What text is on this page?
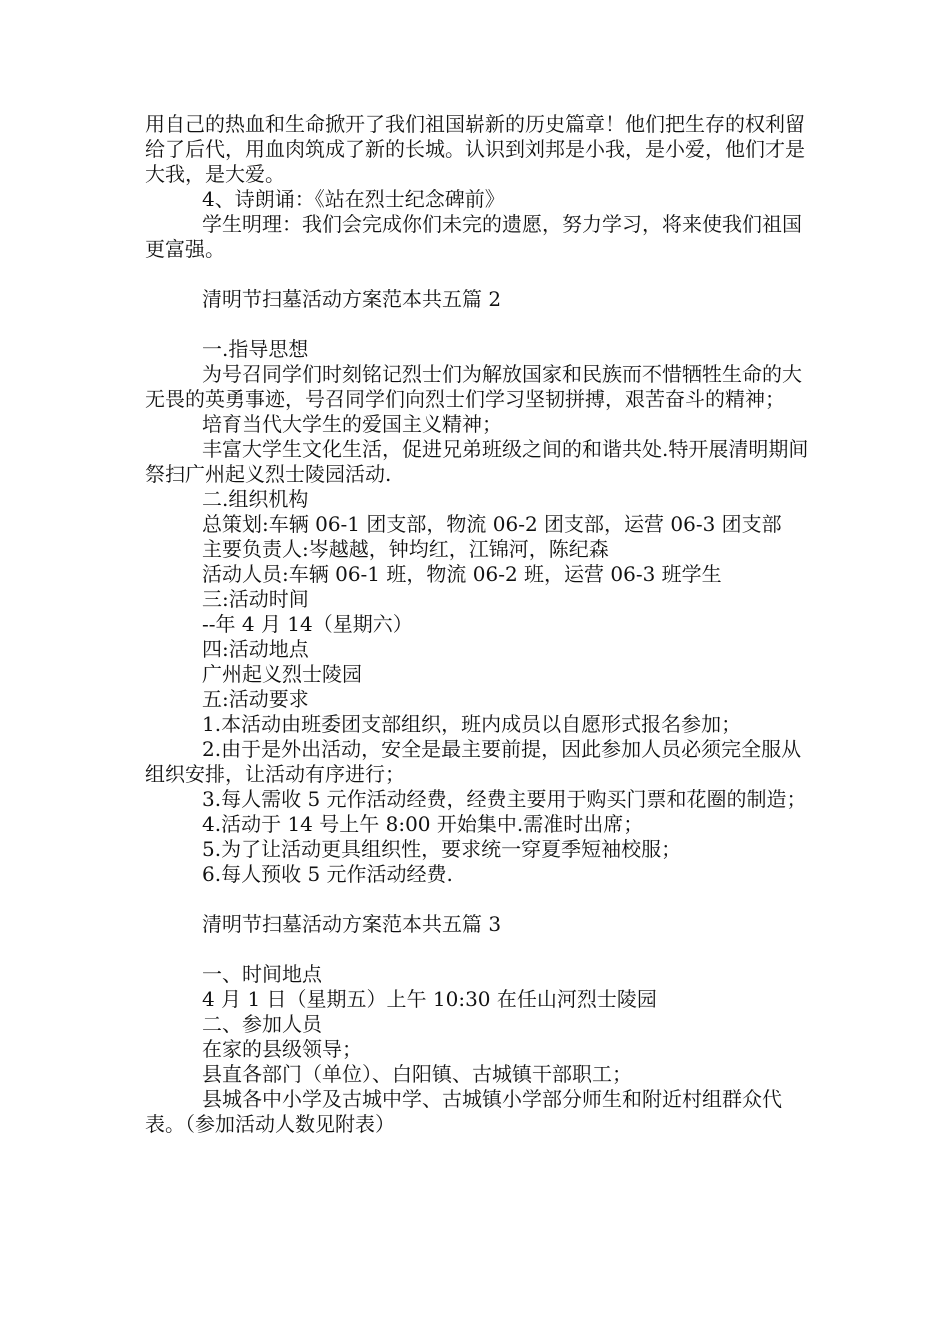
用自己的热血和生命掀开了我们祖国崭新的历史篇章！他们把生存的权利留给了后代，用血肉筑成了新的长城。认识到刘邦是小我，是小爱，他们才是大我，是大爱。

4、诗朗诵：《站在烈士纪念碑前》

学生明理：我们会完成你们未完的遗愿，努力学习，将来使我们祖国更富强。

清明节扫墓活动方案范本共五篇 2

一.指导思想

为号召同学们时刻铭记烈士们为解放国家和民族而不惜牺牲生命的大无畏的英勇事迹，号召同学们向烈士们学习坚韧拼搏，艰苦奋斗的精神；

培育当代大学生的爱国主义精神；

丰富大学生文化生活，促进兄弟班级之间的和谐共处.特开展清明期间祭扫广州起义烈士陵园活动.

二.组织机构

总策划:车辆 06-1 团支部，物流 06-2 团支部，运营 06-3 团支部

主要负责人:岑越越，钟均红，江锦河，陈纪森

活动人员:车辆 06-1 班，物流 06-2 班，运营 06-3 班学生

三:活动时间

--年 4 月 14（星期六）

四:活动地点

广州起义烈士陵园

五:活动要求

1.本活动由班委团支部组织，班内成员以自愿形式报名参加；

2.由于是外出活动，安全是最主要前提，因此参加人员必须完全服从组织安排，让活动有序进行；

3.每人需收 5 元作活动经费，经费主要用于购买门票和花圈的制造；

4.活动于 14 号上午 8:00 开始集中.需准时出席；

5.为了让活动更具组织性，要求统一穿夏季短袖校服；

6.每人预收 5 元作活动经费.

清明节扫墓活动方案范本共五篇 3

一、时间地点

4 月 1 日（星期五）上午 10:30 在任山河烈士陵园

二、参加人员

在家的县级领导；

县直各部门（单位）、白阳镇、古城镇干部职工；

县城各中小学及古城中学、古城镇小学部分师生和附近村组群众代表。（参加活动人数见附表）
